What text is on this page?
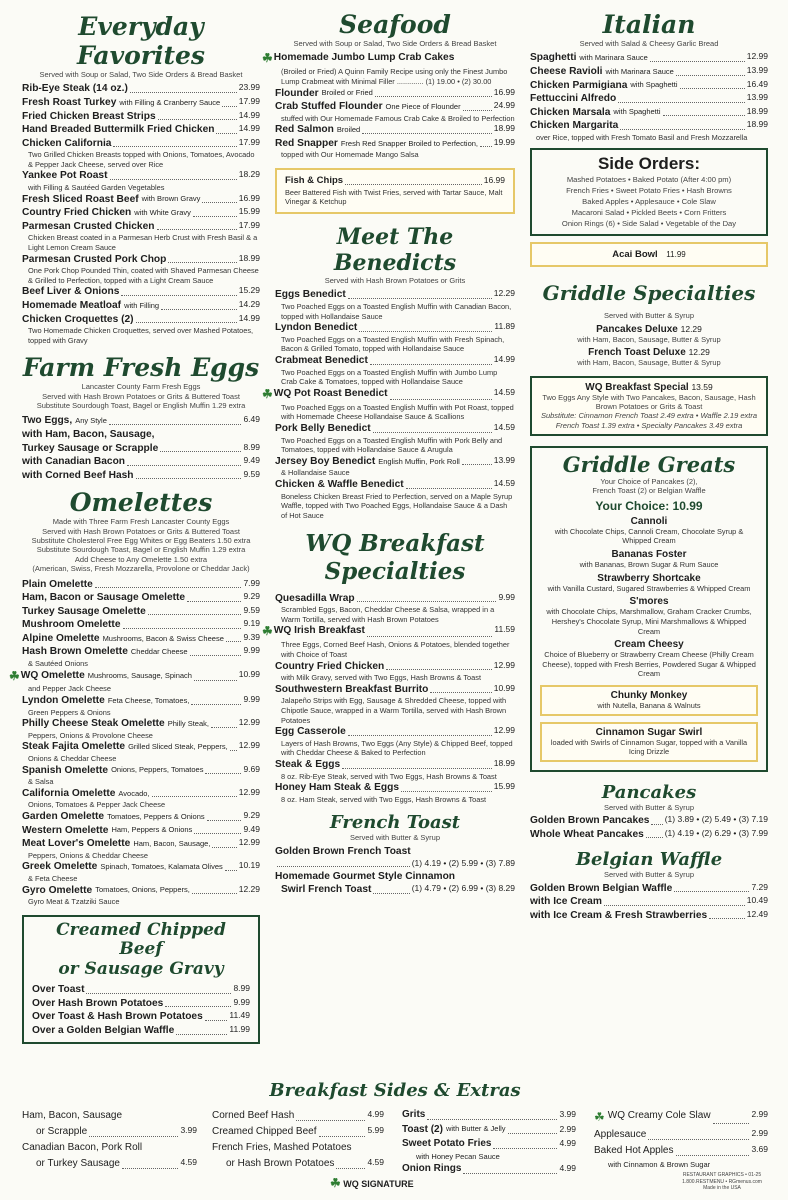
Everyday Favorites
Served with Soup or Salad, Two Side Orders & Bread Basket
Rib-Eye Steak (14 oz.)	23.99
Fresh Roast Turkey with Filling & Cranberry Sauce 17.99
Fried Chicken Breast Strips	14.99
Hand Breaded Buttermilk Fried Chicken	14.99
Chicken California	17.99
Two Grilled Chicken Breasts topped with Onions, Tomatoes, Avocado & Pepper Jack Cheese, served over Rice
Yankee Pot Roast	18.29
with Filling & Sautéed Garden Vegetables
Fresh Sliced Roast Beef with Brown Gravy	16.99
Country Fried Chicken with White Gravy	15.99
Parmesan Crusted Chicken	17.99
Chicken Breast coated in a Parmesan Herb Crust with Fresh Basil & a Light Lemon Cream Sauce
Parmesan Crusted Pork Chop	18.99
One Pork Chop Pounded Thin, coated with Shaved Parmesan Cheese & Grilled to Perfection, topped with a Light Cream Sauce
Beef Liver & Onions	15.29
Homemade Meatloaf with Filling	14.29
Chicken Croquettes (2)	14.99
Two Homemade Chicken Croquettes, served over Mashed Potatoes, topped with Gravy
Farm Fresh Eggs
Lancaster County Farm Fresh Eggs
Served with Hash Brown Potatoes or Grits & Buttered Toast
Substitute Sourdough Toast, Bagel or English Muffin 1.29 extra
Two Eggs, Any Style	6.49
with Ham, Bacon, Sausage,
Turkey Sausage or Scrapple	8.99
with Canadian Bacon	9.49
with Corned Beef Hash	9.59
Omelettes
Made with Three Farm Fresh Lancaster County Eggs
Served with Hash Brown Potatoes or Grits & Buttered Toast
Substitute Cholesterol Free Egg Whites or Egg Beaters 1.50 extra
Substitute Sourdough Toast, Bagel or English Muffin 1.29 extra
Add Cheese to Any Omelette 1.50 extra
(American, Swiss, Fresh Mozzarella, Provolone or Cheddar Jack)
Plain Omelette	7.99
Ham, Bacon or Sausage Omelette	9.29
Turkey Sausage Omelette	9.59
Mushroom Omelette	9.19
Alpine Omelette Mushrooms, Bacon & Swiss Cheese 9.39
Hash Brown Omelette Cheddar Cheese	9.99
& Sautéed Onions
☘ WQ Omelette Mushrooms, Sausage, Spinach	10.99
and Pepper Jack Cheese
Lyndon Omelette Feta Cheese, Tomatoes,	9.99
Green Peppers & Onions
Philly Cheese Steak Omelette Philly Steak,	12.99
Peppers, Onions & Provolone Cheese
Steak Fajita Omelette Grilled Sliced Steak, Peppers, 12.99
Onions & Cheddar Cheese
Spanish Omelette Onions, Peppers, Tomatoes	9.69
& Salsa
California Omelette Avocado,	12.99
Onions, Tomatoes & Pepper Jack Cheese
Garden Omelette Tomatoes, Peppers & Onions	9.29
Western Omelette Ham, Peppers & Onions	9.49
Meat Lover's Omelette Ham, Bacon, Sausage,	12.99
Peppers, Onions & Cheddar Cheese
Greek Omelette Spinach, Tomatoes, Kalamata Olives 10.19
& Feta Cheese
Gyro Omelette Tomatoes, Onions, Peppers,	12.29
Gyro Meat & Tzatziki Sauce
Creamed Chipped Beef
or Sausage Gravy
Over Toast	8.99
Over Hash Brown Potatoes	9.99
Over Toast & Hash Brown Potatoes	11.49
Over a Golden Belgian Waffle	11.99
Seafood
Served with Soup or Salad, Two Side Orders & Bread Basket
☘ Homemade Jumbo Lump Crab Cakes
(Broiled or Fried) A Quinn Family Recipe using only the Finest Jumbo Lump Crabmeat with Minimal Filler ............. (1) 19.00 • (2) 30.00
Flounder Broiled or Fried	16.99
Crab Stuffed Flounder One Piece of Flounder	24.99
stuffed with Our Homemade Famous Crab Cake & Broiled to Perfection
Red Salmon Broiled	18.99
Red Snapper Fresh Red Snapper Broiled to Perfection, 19.99
topped with Our Homemade Mango Salsa
Fish & Chips	16.99
Beer Battered Fish with Twist Fries, served with Tartar Sauce, Malt Vinegar & Ketchup
Meet The Benedicts
Served with Hash Brown Potatoes or Grits
Eggs Benedict	12.29
Two Poached Eggs on a Toasted English Muffin with Canadian Bacon, topped with Hollandaise Sauce
Lyndon Benedict	11.89
Two Poached Eggs on a Toasted English Muffin with Fresh Spinach, Bacon & Grilled Tomato, topped with Hollandaise Sauce
Crabmeat Benedict	14.99
Two Poached Eggs on a Toasted English Muffin with Jumbo Lump Crab Cake & Tomatoes, topped with Hollandaise Sauce
☘ WQ Pot Roast Benedict	14.59
Two Poached Eggs on a Toasted English Muffin with Pot Roast, topped with Homemade Cheese Hollandaise Sauce & Scallions
Pork Belly Benedict	14.59
Two Poached Eggs on a Toasted English Muffin with Pork Belly and Tomatoes, topped with Hollandaise Sauce & Arugula
Jersey Boy Benedict English Muffin, Pork Roll	13.99
& Hollandaise Sauce
Chicken & Waffle Benedict	14.59
Boneless Chicken Breast Fried to Perfection, served on a Maple Syrup Waffle, topped with Two Poached Eggs, Hollandaise Sauce & a Dash of Hot Sauce
WQ Breakfast
Specialties
Quesadilla Wrap	9.99
Scrambled Eggs, Bacon, Cheddar Cheese & Salsa, wrapped in a Warm Tortilla, served with Hash Brown Potatoes
☘ WQ Irish Breakfast	11.59
Three Eggs, Corned Beef Hash, Onions & Potatoes, blended together with Choice of Toast
Country Fried Chicken	12.99
with Milk Gravy, served with Two Eggs, Hash Browns & Toast
Southwestern Breakfast Burrito	10.99
Jalapeño Strips with Egg, Sausage & Shredded Cheese, topped with Chipotle Sauce, wrapped in a Warm Tortilla, served with Hash Brown Potatoes
Egg Casserole	12.99
Layers of Hash Browns, Two Eggs (Any Style) & Chipped Beef, topped with Cheddar Cheese & Baked to Perfection
Steak & Eggs	18.99
8 oz. Rib-Eye Steak, served with Two Eggs, Hash Browns & Toast
Honey Ham Steak & Eggs	15.99
8 oz. Ham Steak, served with Two Eggs, Hash Browns & Toast
French Toast
Served with Butter & Syrup
Golden Brown French Toast
(1) 4.19 • (2) 5.99 • (3) 7.89
Homemade Gourmet Style Cinnamon
Swirl French Toast	(1) 4.79 • (2) 6.99 • (3) 8.29
Italian
Served with Salad & Cheesy Garlic Bread
Spaghetti with Marinara Sauce	12.99
Cheese Ravioli with Marinara Sauce	13.99
Chicken Parmigiana with Spaghetti	16.49
Fettuccini Alfredo	13.99
Chicken Marsala with Spaghetti	18.99
Chicken Margarita	18.99
over Rice, topped with Fresh Tomato Basil and Fresh Mozzarella
Side Orders:
Mashed Potatoes • Baked Potato (After 4:00 pm)
French Fries • Sweet Potato Fries • Hash Browns
Baked Apples • Applesauce • Cole Slaw
Macaroni Salad • Pickled Beets • Corn Fritters
Onion Rings (6) • Side Salad • Vegetable of the Day
Acai Bowl 11.99
Griddle Specialties
Served with Butter & Syrup
Pancakes Deluxe 12.29
with Ham, Bacon, Sausage, Butter & Syrup
French Toast Deluxe 12.29
with Ham, Bacon, Sausage, Butter & Syrup
WQ Breakfast Special 13.59
Two Eggs Any Style with Two Pancakes, Bacon, Sausage, Hash Brown Potatoes or Grits & Toast
Substitute: Cinnamon French Toast 2.49 extra • Waffle 2.19 extra
French Toast 1.39 extra • Specialty Pancakes 3.49 extra
Griddle Greats
Your Choice of Pancakes (2),
French Toast (2) or Belgian Waffle
Your Choice: 10.99
Cannoli
with Chocolate Chips, Cannoli Cream, Chocolate Syrup & Whipped Cream
Bananas Foster
with Bananas, Brown Sugar & Rum Sauce
Strawberry Shortcake
with Vanilla Custard, Sugared Strawberries & Whipped Cream
S'mores
with Chocolate Chips, Marshmallow, Graham Cracker Crumbs, Hershey's Chocolate Syrup, Mini Marshmallows & Whipped Cream
Cream Cheesy
Choice of Blueberry or Strawberry Cream Cheese (Philly Cream Cheese), topped with Fresh Berries, Powdered Sugar & Whipped Cream
Chunky Monkey
with Nutella, Banana & Walnuts
Cinnamon Sugar Swirl
loaded with Swirls of Cinnamon Sugar, topped with a Vanilla Icing Drizzle
Pancakes
Served with Butter & Syrup
Golden Brown Pancakes (1) 3.89 • (2) 5.49 • (3) 7.19
Whole Wheat Pancakes (1) 4.19 • (2) 6.29 • (3) 7.99
Belgian Waffle
Served with Butter & Syrup
Golden Brown Belgian Waffle	7.29
with Ice Cream	10.49
with Ice Cream & Fresh Strawberries	12.49
Breakfast Sides & Extras
Ham, Bacon, Sausage
or Scrapple	3.99
Canadian Bacon, Pork Roll
or Turkey Sausage	4.59
Corned Beef Hash	4.99
Creamed Chipped Beef	5.99
French Fries, Mashed Potatoes
or Hash Brown Potatoes	4.59
Grits	3.99
Toast (2) with Butter & Jelly	2.99
Sweet Potato Fries	4.99
with Honey Pecan Sauce
Onion Rings	4.99
☘ WQ Creamy Cole Slaw	2.99
Applesauce	2.99
Baked Hot Apples	3.69
with Cinnamon & Brown Sugar
☘ WQ SIGNATURE
RESTAURANT GRAPHICS • 01-25
1.800.RESTMENU • RGmenus.com
Made in the USA
